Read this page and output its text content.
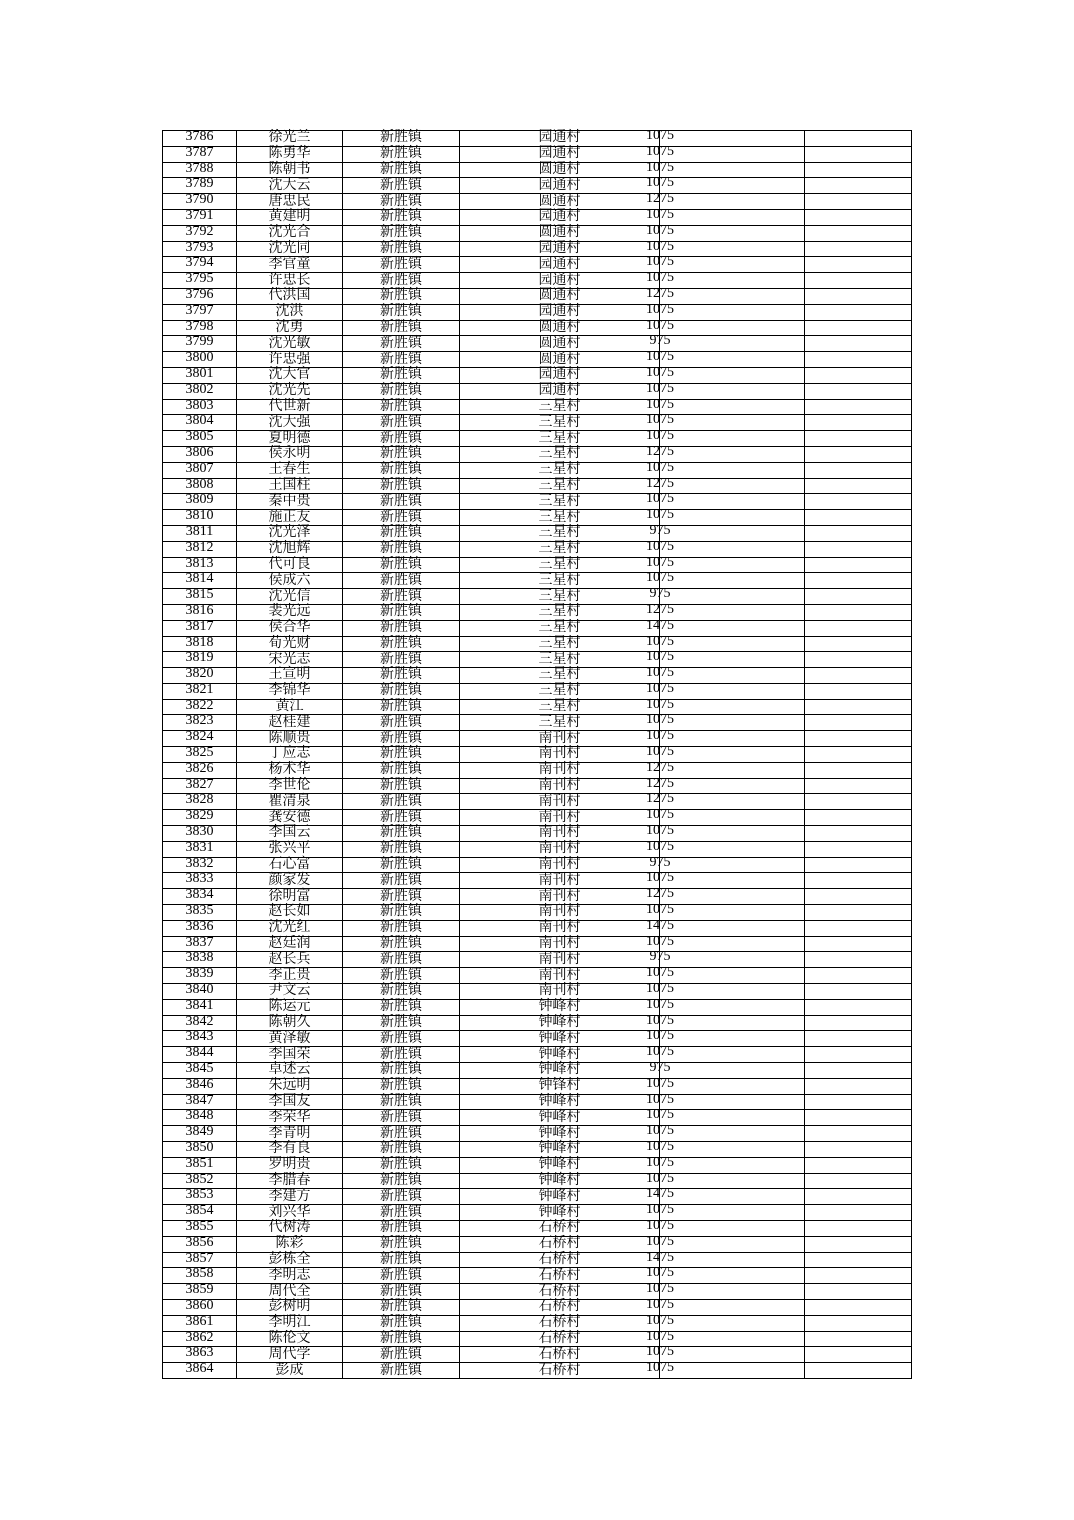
3786	徐光兰	新胜镇	园通村	1075	
3787	陈勇华	新胜镇	园通村	1075	
3788	陈朝书	新胜镇	圆通村	1075	
3789	沈大云	新胜镇	园通村	1075	
3790	唐忠民	新胜镇	圆通村	1275	
3791	黄建明	新胜镇	园通村	1075	
3792	沈光合	新胜镇	圆通村	1075	
3793	沈光同	新胜镇	园通村	1075	
3794	李官童	新胜镇	园通村	1075	
3795	许忠长	新胜镇	园通村	1075	
3796	代洪国	新胜镇	圆通村	1275	
3797	沈洪	新胜镇	园通村	1075	
3798	沈勇	新胜镇	圆通村	1075	
3799	沈光敏	新胜镇	圆通村	975	
3800	许忠强	新胜镇	圆通村	1075	
3801	沈大官	新胜镇	园通村	1075	
3802	沈光先	新胜镇	园通村	1075	
3803	代世新	新胜镇	三星村	1075	
3804	沈大强	新胜镇	三星村	1075	
3805	夏明德	新胜镇	三星村	1075	
3806	侯永明	新胜镇	三星村	1275	
3807	王春生	新胜镇	三星村	1075	
3808	王国柱	新胜镇	三星村	1275	
3809	秦中贵	新胜镇	三星村	1075	
3810	施正友	新胜镇	三星村	1075	
3811	沈光泽	新胜镇	三星村	975	
3812	沈旭辉	新胜镇	三星村	1075	
3813	代可良	新胜镇	三星村	1075	
3814	侯成六	新胜镇	三星村	1075	
3815	沈光信	新胜镇	三星村	975	
3816	裴光远	新胜镇	三星村	1275	
3817	侯合华	新胜镇	三星村	1475	
3818	荀光财	新胜镇	三星村	1075	
3819	宋光志	新胜镇	三星村	1075	
3820	王宣明	新胜镇	三星村	1075	
3821	李锦华	新胜镇	三星村	1075	
3822	黄江	新胜镇	三星村	1075	
3823	赵桂建	新胜镇	三星村	1075	
3824	陈顺贵	新胜镇	南刊村	1075	
3825	丁应志	新胜镇	南刊村	1075	
3826	杨术华	新胜镇	南刊村	1275	
3827	李世伦	新胜镇	南刊村	1275	
3828	瞿清泉	新胜镇	南刊村	1275	
3829	龚安德	新胜镇	南刊村	1075	
3830	李国云	新胜镇	南刊村	1075	
3831	张兴平	新胜镇	南刊村	1075	
3832	石心富	新胜镇	南刊村	975	
3833	颜家发	新胜镇	南刊村	1075	
3834	徐明富	新胜镇	南刊村	1275	
3835	赵长如	新胜镇	南刊村	1075	
3836	沈光红	新胜镇	南刊村	1475	
3837	赵廷润	新胜镇	南刊村	1075	
3838	赵长兵	新胜镇	南刊村	975	
3839	李正贵	新胜镇	南刊村	1075	
3840	尹文云	新胜镇	南刊村	1075	
3841	陈运元	新胜镇	钟峰村	1075	
3842	陈朝久	新胜镇	钟峰村	1075	
3843	黄泽敏	新胜镇	钟峰村	1075	
3844	李国荣	新胜镇	钟峰村	1075	
3845	卓述云	新胜镇	钟峰村	975	
3846	朱远明	新胜镇	钟锋村	1075	
3847	李国友	新胜镇	钟峰村	1075	
3848	李荣华	新胜镇	钟峰村	1075	
3849	李青明	新胜镇	钟峰村	1075	
3850	李有良	新胜镇	钟峰村	1075	
3851	罗明贵	新胜镇	钟峰村	1075	
3852	李腊春	新胜镇	钟峰村	1075	
3853	李建方	新胜镇	钟峰村	1475	
3854	刘兴华	新胜镇	钟峰村	1075	
3855	代树涛	新胜镇	石桥村	1075	
3856	陈彩	新胜镇	石桥村	1075	
3857	彭栋全	新胜镇	石桥村	1475	
3858	李明志	新胜镇	石桥村	1075	
3859	周代全	新胜镇	石桥村	1075	
3860	彭树明	新胜镇	石桥村	1075	
3861	李明江	新胜镇	石桥村	1075	
3862	陈伦文	新胜镇	石桥村	1075	
3863	周代学	新胜镇	石桥村	1075	
3864	彭成	新胜镇	石桥村	1075	
